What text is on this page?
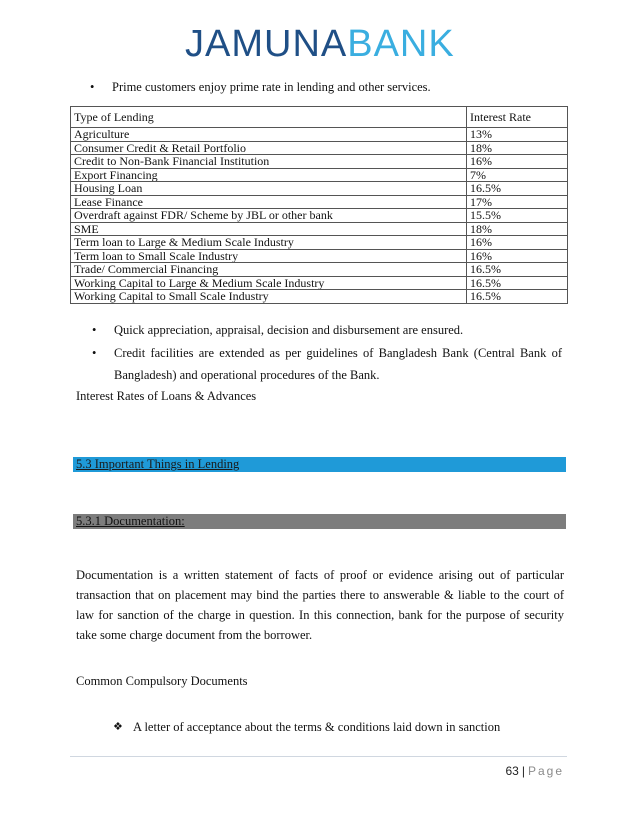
JAMUNA BANK
• Prime customers enjoy prime rate in lending and other services.
Type of Lending	Interest Rate
Agriculture	13%
Consumer Credit & Retail Portfolio	18%
Credit to Non-Bank Financial Institution	16%
Export Financing	7%
Housing Loan	16.5%
Lease Finance	17%
Overdraft against FDR/ Scheme by JBL or other bank	15.5%
SME	18%
Term loan to Large & Medium Scale Industry	16%
Term loan to Small Scale Industry	16%
Trade/ Commercial Financing	16.5%
Working Capital to Large & Medium Scale Industry	16.5%
Working Capital to Small Scale Industry	16.5%
• Quick appreciation, appraisal, decision and disbursement are ensured.
• Credit facilities are extended as per guidelines of Bangladesh Bank (Central Bank of Bangladesh) and operational procedures of the Bank.
Interest Rates of Loans & Advances
5.3 Important Things in Lending
5.3.1 Documentation:
Documentation is a written statement of facts of proof or evidence arising out of particular transaction that on placement may bind the parties there to answerable & liable to the court of law for sanction of the charge in question. In this connection, bank for the purpose of security take some charge document from the borrower.
Common Compulsory Documents
❖ A letter of acceptance about the terms & conditions laid down in sanction
63 | Page
